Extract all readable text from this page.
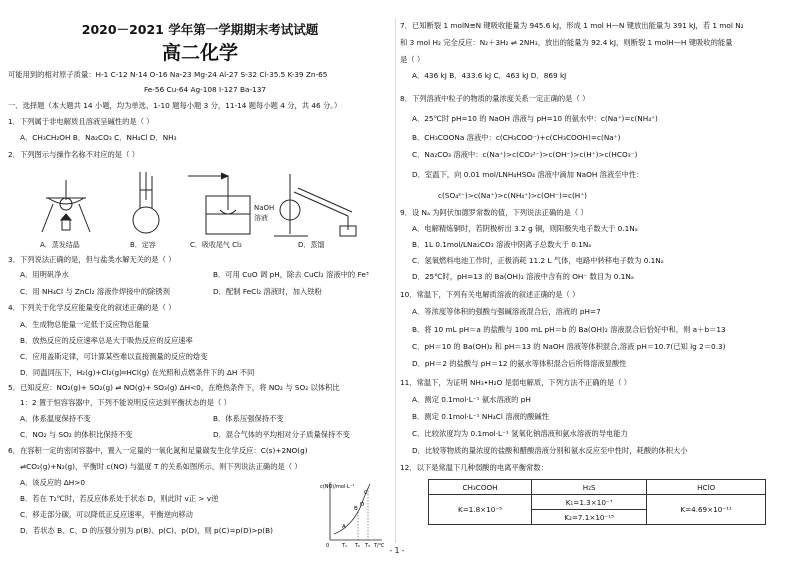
2020－2021 学年第一学期期末考试试题
高二化学
可能用到的相对原子质量：H-1 C-12 N-14 O-16 Na-23 Mg-24 Al-27 S-32 Cl-35.5 K-39 Zn-65
Fe-56 Cu-64 Ag-108 I-127 Ba-137
一、选择题（本大题共 14 小题，均为单选，1-10 题每小题 3 分，11-14 题每小题 4 分，共 46 分。）
1．下列属于非电解质且溶液呈碱性的是（ ）
A．CH₃CH₂OH B．Na₂CO₃ C．NH₄Cl D．NH₃
2．下列图示与操作名称不对应的是（ ）
NaOH
溶液
A．蒸发结晶	B．定容	C．吸收尾气 Cl₂	D．蒸馏
3．下列说法正确的是，但与盐类水解无关的是（ ）
A．用明矾净水	B．可用 CuO 调 pH，除去 CuCl₂ 溶液中的 Fe³
C．用 NH₄Cl 与 ZnCl₂ 溶液作焊接中的除锈剂	D．配制 FeCl₂ 溶液时，加入铁粉
4．下列关于化学反应能量变化的叙述正确的是（ ）
A．生成物总能量一定低于反应物总能量
B．放热反应的反应速率总是大于吸热反应的反应速率
C．应用盖斯定律，可计算某些难以直接测量的反应的焓变
D．同温同压下，H₂(g)+Cl₂(g)═HCl(g) 在光照和点燃条件下的 ΔH 不同
5．已知反应：NO₂(g)+ SO₂(g) ⇌ NO(g)+ SO₃(g) ΔH<0，在绝热条件下，将 NO₂ 与 SO₂ 以体积比
1：2 置于恒容容器中，下列不能说明反应达到平衡状态的是（ ）
A．体系温度保持不变	B．体系压强保持不变
C．NO₂ 与 SO₂ 的体积比保持不变	D．混合气体的平均相对分子质量保持不变
6．在容积一定的密闭容器中，置入一定量的一氧化氮和足量碳发生化学反应：C(s)+2NO(g)
⇌CO₂(g)+N₂(g)，平衡时 c(NO) 与温度 T 的关系如图所示，则下列说法正确的是（ ）
A．该反应的 ΔH>0
B．若在 T₂℃时，若反应体系处于状态 D，则此时 v正 > v逆
C．移走部分碳，可以降低正反应速率，平衡逆向移动
D．若状态 B、C、D 的压强分别为 p(B)、p(C)、p(D)，则 p(C)=p(D)>p(B)
c(NO)/mol·L⁻¹
A
B
C
D
0	T₁ T₂ T₃ T/℃
7．已知断裂 1 molN≡N 键吸收能量为 945.6 kJ，形成 1 mol H—N 键放出能量为 391 kJ，若 1 mol N₂
和 3 mol H₂ 完全反应：N₂＋3H₂ ⇌ 2NH₃，放出的能量为 92.4 kJ，则断裂 1 molH—H 键吸收的能量
是（ ）
A．436 kJ B．433.6 kJ C．463 kJ D．869 kJ
8．下列溶液中粒子的物质的量浓度关系一定正确的是（ ）
A．25℃时 pH=10 的 NaOH 溶液与 pH=10 的氨水中：c(Na⁺)=c(NH₄⁺)
B．CH₃COONa 溶液中：c(CH₃COO⁻)+c(CH₃COOH)=c(Na⁺)
C．Na₂CO₃ 溶液中：c(Na⁺)>c(CO₃²⁻)>c(OH⁻)>c(H⁺)>c(HCO₃⁻)
D．室温下，向 0.01 mol/LNH₄HSO₄ 溶液中滴加 NaOH 溶液至中性：
c(SO₄²⁻)>c(Na⁺)>c(NH₄⁺)>c(OH⁻)=c(H⁺)
9．设 Nₐ 为阿伏加德罗常数的值，下列说法正确的是（ ）
A．电解精炼铜时，若阴极析出 3.2 g 铜，则阳极失电子数大于 0.1Nₐ
B．1L 0.1mol/LNa₂CO₃ 溶液中阴离子总数大于 0.1Nₐ
C．氢氧燃料电池工作时，正极消耗 11.2 L 气体，电路中转移电子数为 0.1Nₐ
D．25℃时，pH=13 的 Ba(OH)₂ 溶液中含有的 OH⁻ 数目为 0.1Nₐ
10．常温下，下列有关电解质溶液的叙述正确的是（ ）
A．等浓度等体积的强酸与强碱溶液混合后，溶液的 pH=7
B．将 10 mL pH＝a 的盐酸与 100 mL pH＝b 的 Ba(OH)₂ 溶液混合后恰好中和，则 a＋b＝13
C．pH＝10 的 Ba(OH)₂ 和 pH＝13 的 NaOH 溶液等体积混合,溶液 pH＝10.7(已知 lg 2＝0.3)
D．pH＝2 的盐酸与 pH＝12 的氨水等体积混合后所得溶液显酸性
11．常温下，为证明 NH₃•H₂O 是弱电解质，下列方法不正确的是（ ）
A．测定 0.1mol·L⁻¹ 氨水溶液的 pH
B．测定 0.1mol·L⁻¹ NH₄Cl 溶液的酸碱性
C．比较浓度均为 0.1mol·L⁻¹ 氢氧化钠溶液和氨水溶液的导电能力
D．比较等物质的量浓度的盐酸和醋酸溶液分别和氨水反应至中性时，耗酸的体积大小
12．以下是常温下几种弱酸的电离平衡常数：
CH₃COOH	H₂S	HClO
K=1.8×10⁻⁵	K₁=1.3×10⁻⁷	K=4.69×10⁻¹¹
	K₂=7.1×10⁻¹⁵	
- 1 -
